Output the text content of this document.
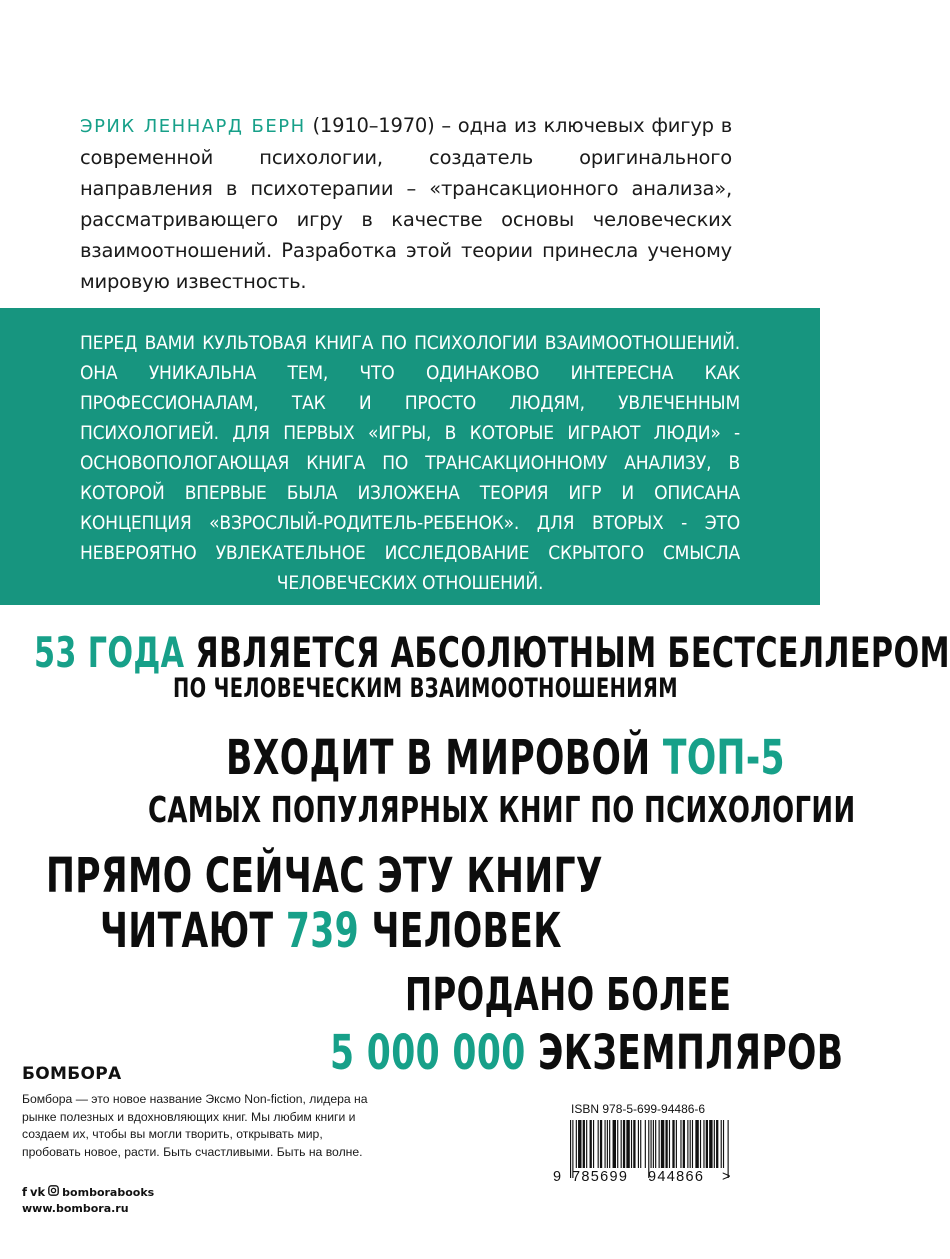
ЭРИК ЛЕННАРД БЕРН (1910–1970) – одна из ключевых фигур в современной психологии, создатель оригинального направления в психотерапии – «трансакционного анализа», рассматривающего игру в качестве основы человеческих взаимоотношений. Разработка этой теории принесла ученому мировую известность.
ПЕРЕД ВАМИ КУЛЬТОВАЯ КНИГА ПО ПСИХОЛОГИИ ВЗАИМООТНОШЕНИЙ. ОНА УНИКАЛЬНА ТЕМ, ЧТО ОДИНАКОВО ИНТЕРЕСНА КАК ПРОФЕССИОНАЛАМ, ТАК И ПРОСТО ЛЮДЯМ, УВЛЕЧЕННЫМ ПСИХОЛОГИЕЙ. ДЛЯ ПЕРВЫХ «ИГРЫ, В КОТОРЫЕ ИГРАЮТ ЛЮДИ» - ОСНОВОПОЛОГАЮЩАЯ КНИГА ПО ТРАНСАКЦИОННОМУ АНАЛИЗУ, В КОТОРОЙ ВПЕРВЫЕ БЫЛА ИЗЛОЖЕНА ТЕОРИЯ ИГР И ОПИСАНА КОНЦЕПЦИЯ «ВЗРОСЛЫЙ-РОДИТЕЛЬ-РЕБЕНОК». ДЛЯ ВТОРЫХ - ЭТО НЕВЕРОЯТНО УВЛЕКАТЕЛЬНОЕ ИССЛЕДОВАНИЕ СКРЫТОГО СМЫСЛА ЧЕЛОВЕЧЕСКИХ ОТНОШЕНИЙ.
53 ГОДА ЯВЛЯЕТСЯ АБСОЛЮТНЫМ БЕСТСЕЛЛЕРОМ
ПО ЧЕЛОВЕЧЕСКИМ ВЗАИМООТНОШЕНИЯМ
ВХОДИТ В МИРОВОЙ ТОП-5
САМЫХ ПОПУЛЯРНЫХ КНИГ ПО ПСИХОЛОГИИ
ПРЯМО СЕЙЧАС ЭТУ КНИГУ
ЧИТАЮТ 739 ЧЕЛОВЕК
ПРОДАНО БОЛЕЕ
5 000 000 ЭКЗЕМПЛЯРОВ
БОМБОРА
Бомбора — это новое название Эксмо Non-fiction, лидера на рынке полезных и вдохновляющих книг. Мы любим книги и создаем их, чтобы вы могли творить, открывать мир, пробовать новое, расти. Быть счастливыми. Быть на волне.
f vk bomborabooks
www.bombora.ru
ISBN 978-5-699-94486-6
9 785699 944866 >
